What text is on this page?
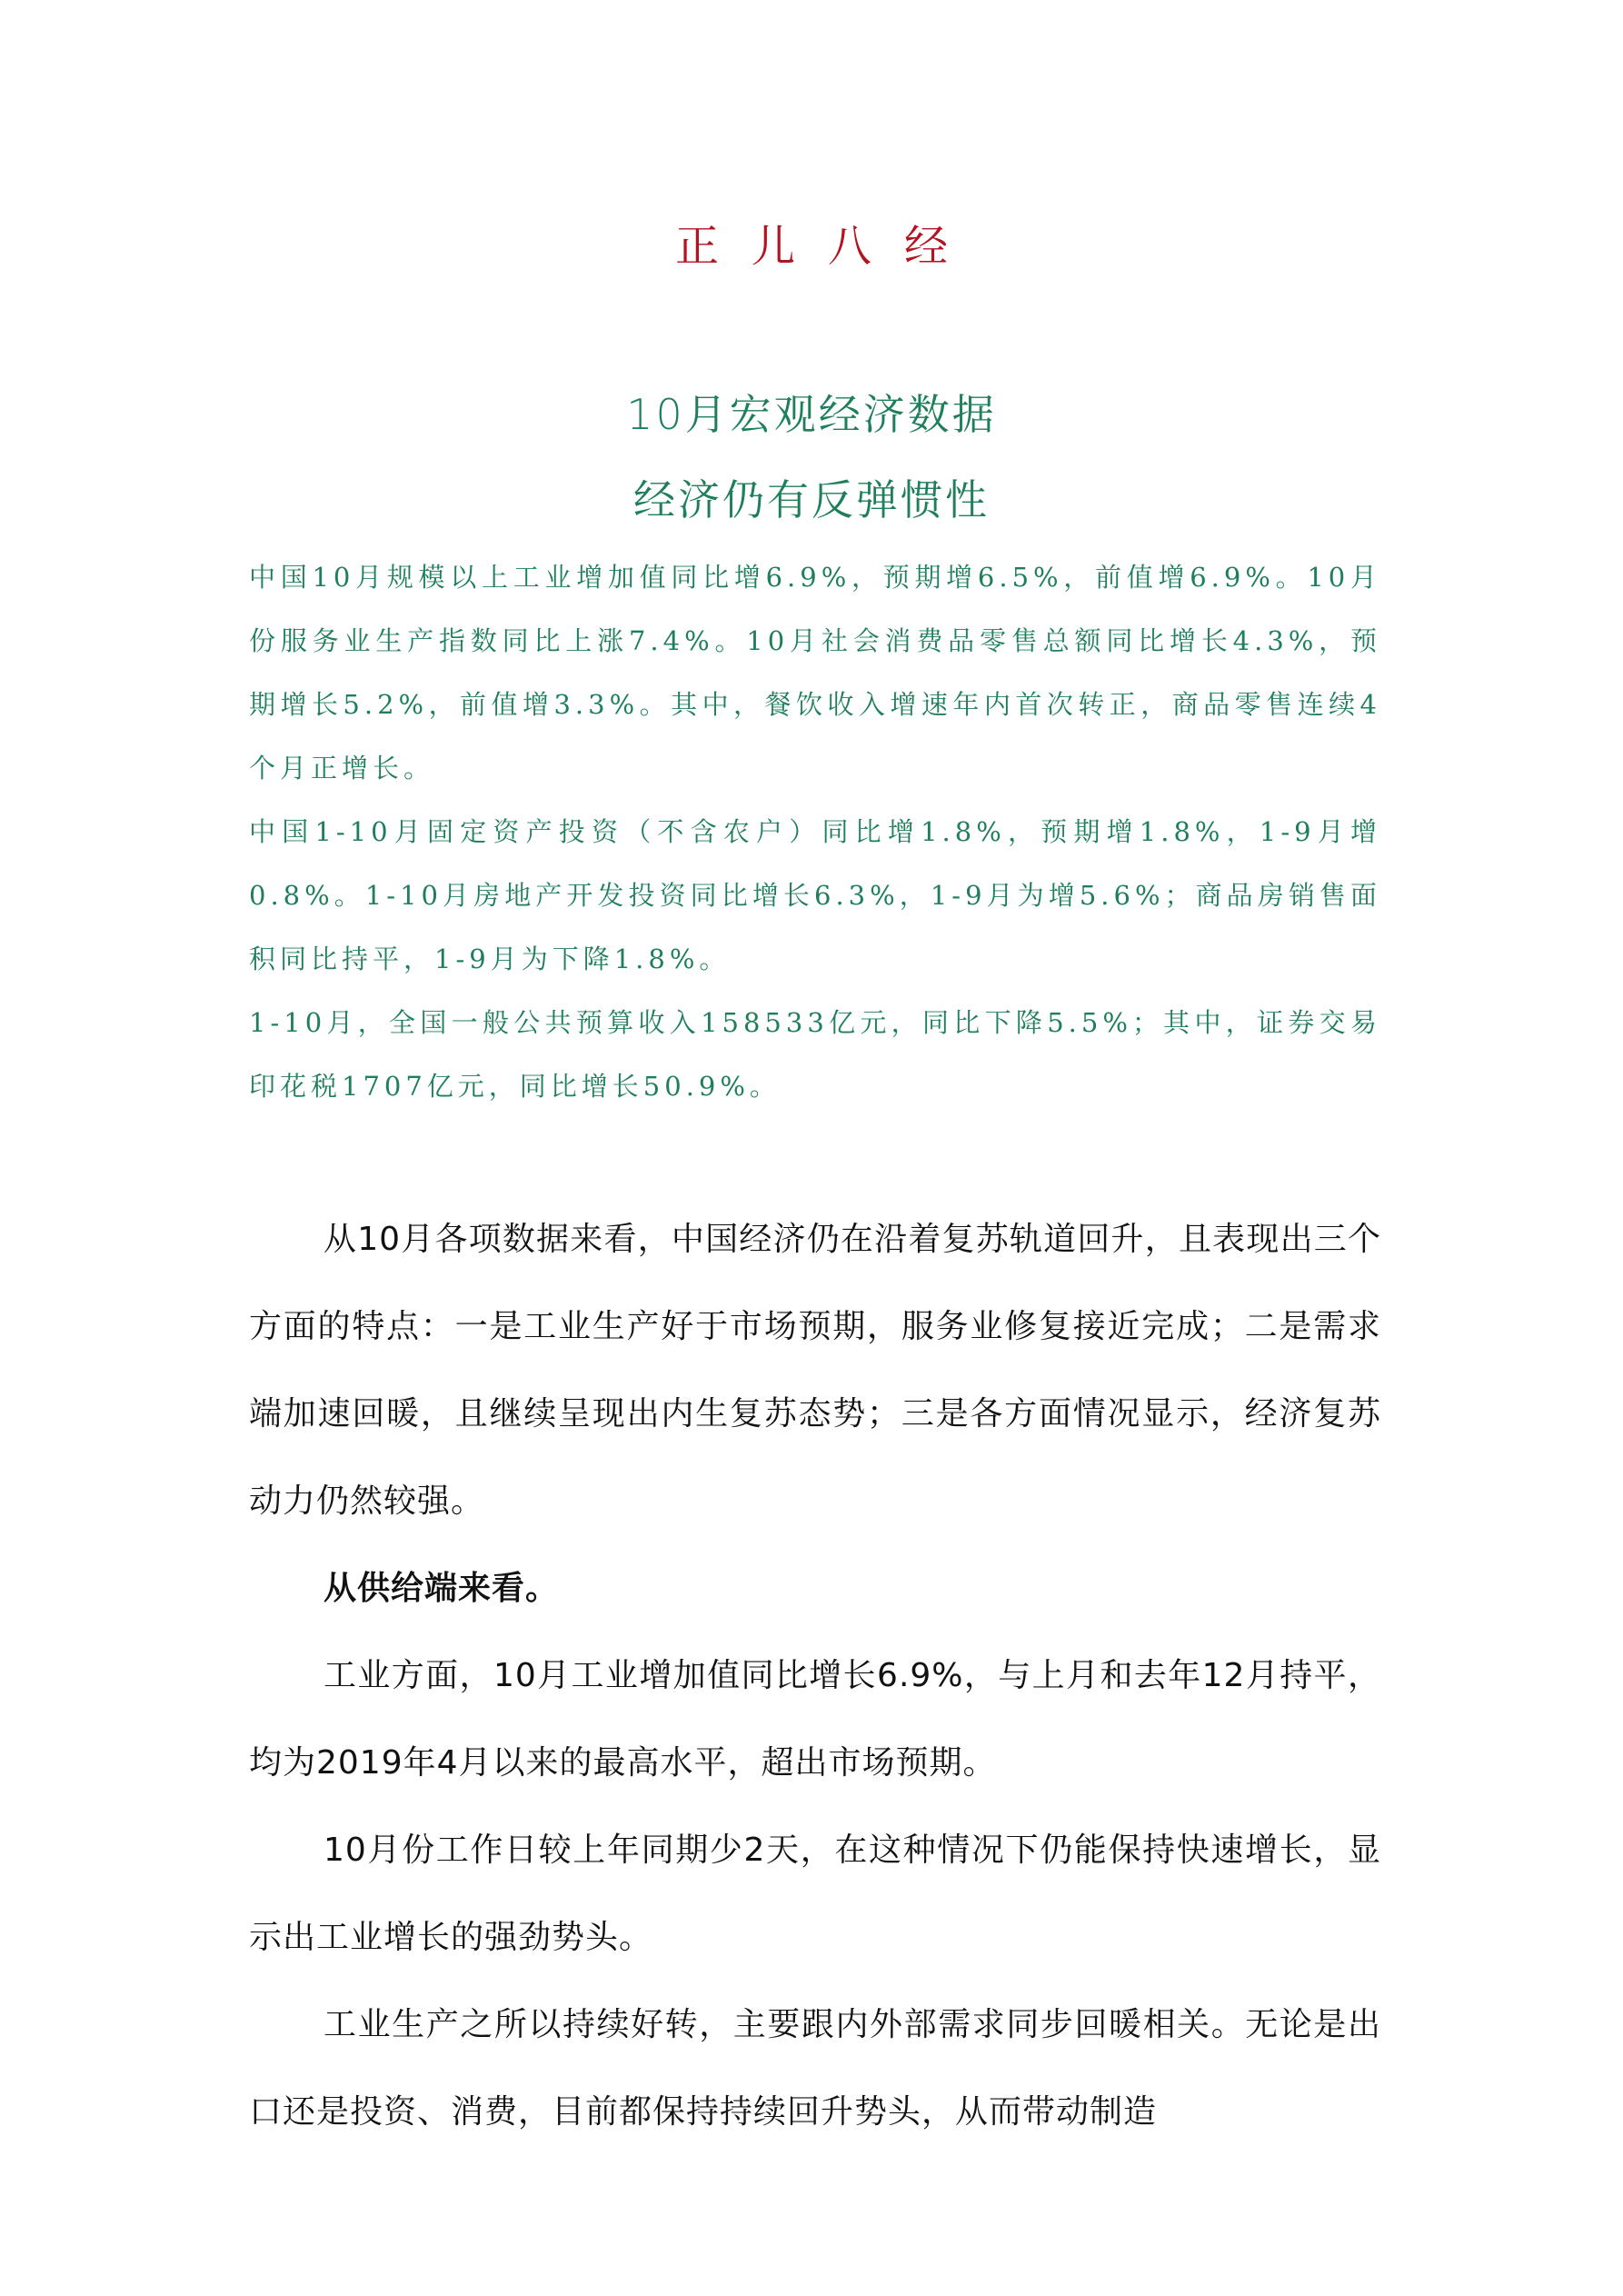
正儿八经
10月宏观经济数据
经济仍有反弹惯性

中国10月规模以上工业增加值同比增6.9%，预期增6.5%，前值增6.9%。10月份服务业生产指数同比上涨7.4%。10月社会消费品零售总额同比增长4.3%，预期增长5.2%，前值增3.3%。其中，餐饮收入增速年内首次转正，商品零售连续4个月正增长。

中国1-10月固定资产投资（不含农户）同比增1.8%，预期增1.8%，1-9月增0.8%。1-10月房地产开发投资同比增长6.3%，1-9月为增5.6%；商品房销售面积同比持平，1-9月为下降1.8%。

1-10月，全国一般公共预算收入158533亿元，同比下降5.5%；其中，证券交易印花税1707亿元，同比增长50.9%。

从10月各项数据来看，中国经济仍在沿着复苏轨道回升，且表现出三个方面的特点：一是工业生产好于市场预期，服务业修复接近完成；二是需求端加速回暖，且继续呈现出内生复苏态势；三是各方面情况显示，经济复苏动力仍然较强。

从供给端来看。

工业方面，10月工业增加值同比增长6.9%，与上月和去年12月持平，均为2019年4月以来的最高水平，超出市场预期。

10月份工作日较上年同期少2天，在这种情况下仍能保持快速增长，显示出工业增长的强劲势头。

工业生产之所以持续好转，主要跟内外部需求同步回暖相关。无论是出口还是投资、消费，目前都保持持续回升势头，从而带动制造
